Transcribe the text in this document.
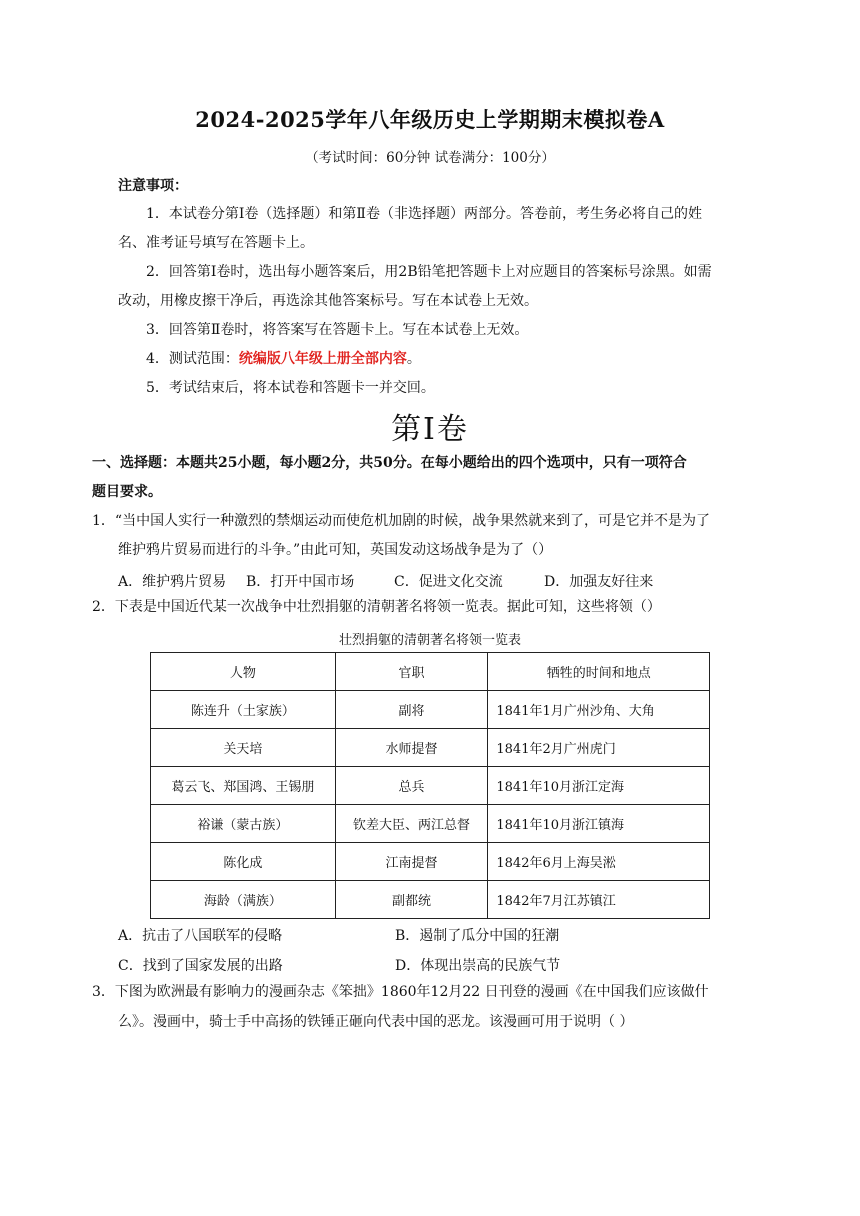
2024-2025学年八年级历史上学期期末模拟卷A
（考试时间：60分钟 试卷满分：100分）
注意事项：
1．本试卷分第Ⅰ卷（选择题）和第Ⅱ卷（非选择题）两部分。答卷前，考生务必将自己的姓
名、准考证号填写在答题卡上。
2．回答第Ⅰ卷时，选出每小题答案后，用2B铅笔把答题卡上对应题目的答案标号涂黑。如需
改动，用橡皮擦干净后，再选涂其他答案标号。写在本试卷上无效。
3．回答第Ⅱ卷时，将答案写在答题卡上。写在本试卷上无效。
4．测试范围：统编版八年级上册全部内容。
5．考试结束后，将本试卷和答题卡一并交回。
第Ⅰ卷
一、选择题：本题共25小题，每小题2分，共50分。在每小题给出的四个选项中，只有一项符合
题目要求。
1．“当中国人实行一种激烈的禁烟运动而使危机加剧的时候，战争果然就来到了，可是它并不是为了
维护鸦片贸易而进行的斗争。”由此可知，英国发动这场战争是为了（）
A．维护鸦片贸易 B．打开中国市场	C．促进文化交流	D．加强友好往来
2．下表是中国近代某一次战争中壮烈捐躯的清朝著名将领一览表。据此可知，这些将领（）
壮烈捐躯的清朝著名将领一览表
人物	官职	牺牲的时间和地点
陈连升（土家族）	副将	1841年1月广州沙角、大角
关天培	水师提督	1841年2月广州虎门
葛云飞、郑国鸿、王锡朋	总兵	1841年10月浙江定海
裕谦（蒙古族）	钦差大臣、两江总督	1841年10月浙江镇海
陈化成	江南提督	1842年6月上海吴淞
海龄（满族）	副都统	1842年7月江苏镇江
A．抗击了八国联军的侵略	B．遏制了瓜分中国的狂潮
C．找到了国家发展的出路	D．体现出崇高的民族气节
3．下图为欧洲最有影响力的漫画杂志《笨拙》1860年12月22 日刊登的漫画《在中国我们应该做什
么》。漫画中，骑士手中高扬的铁锤正砸向代表中国的恶龙。该漫画可用于说明（ ）
